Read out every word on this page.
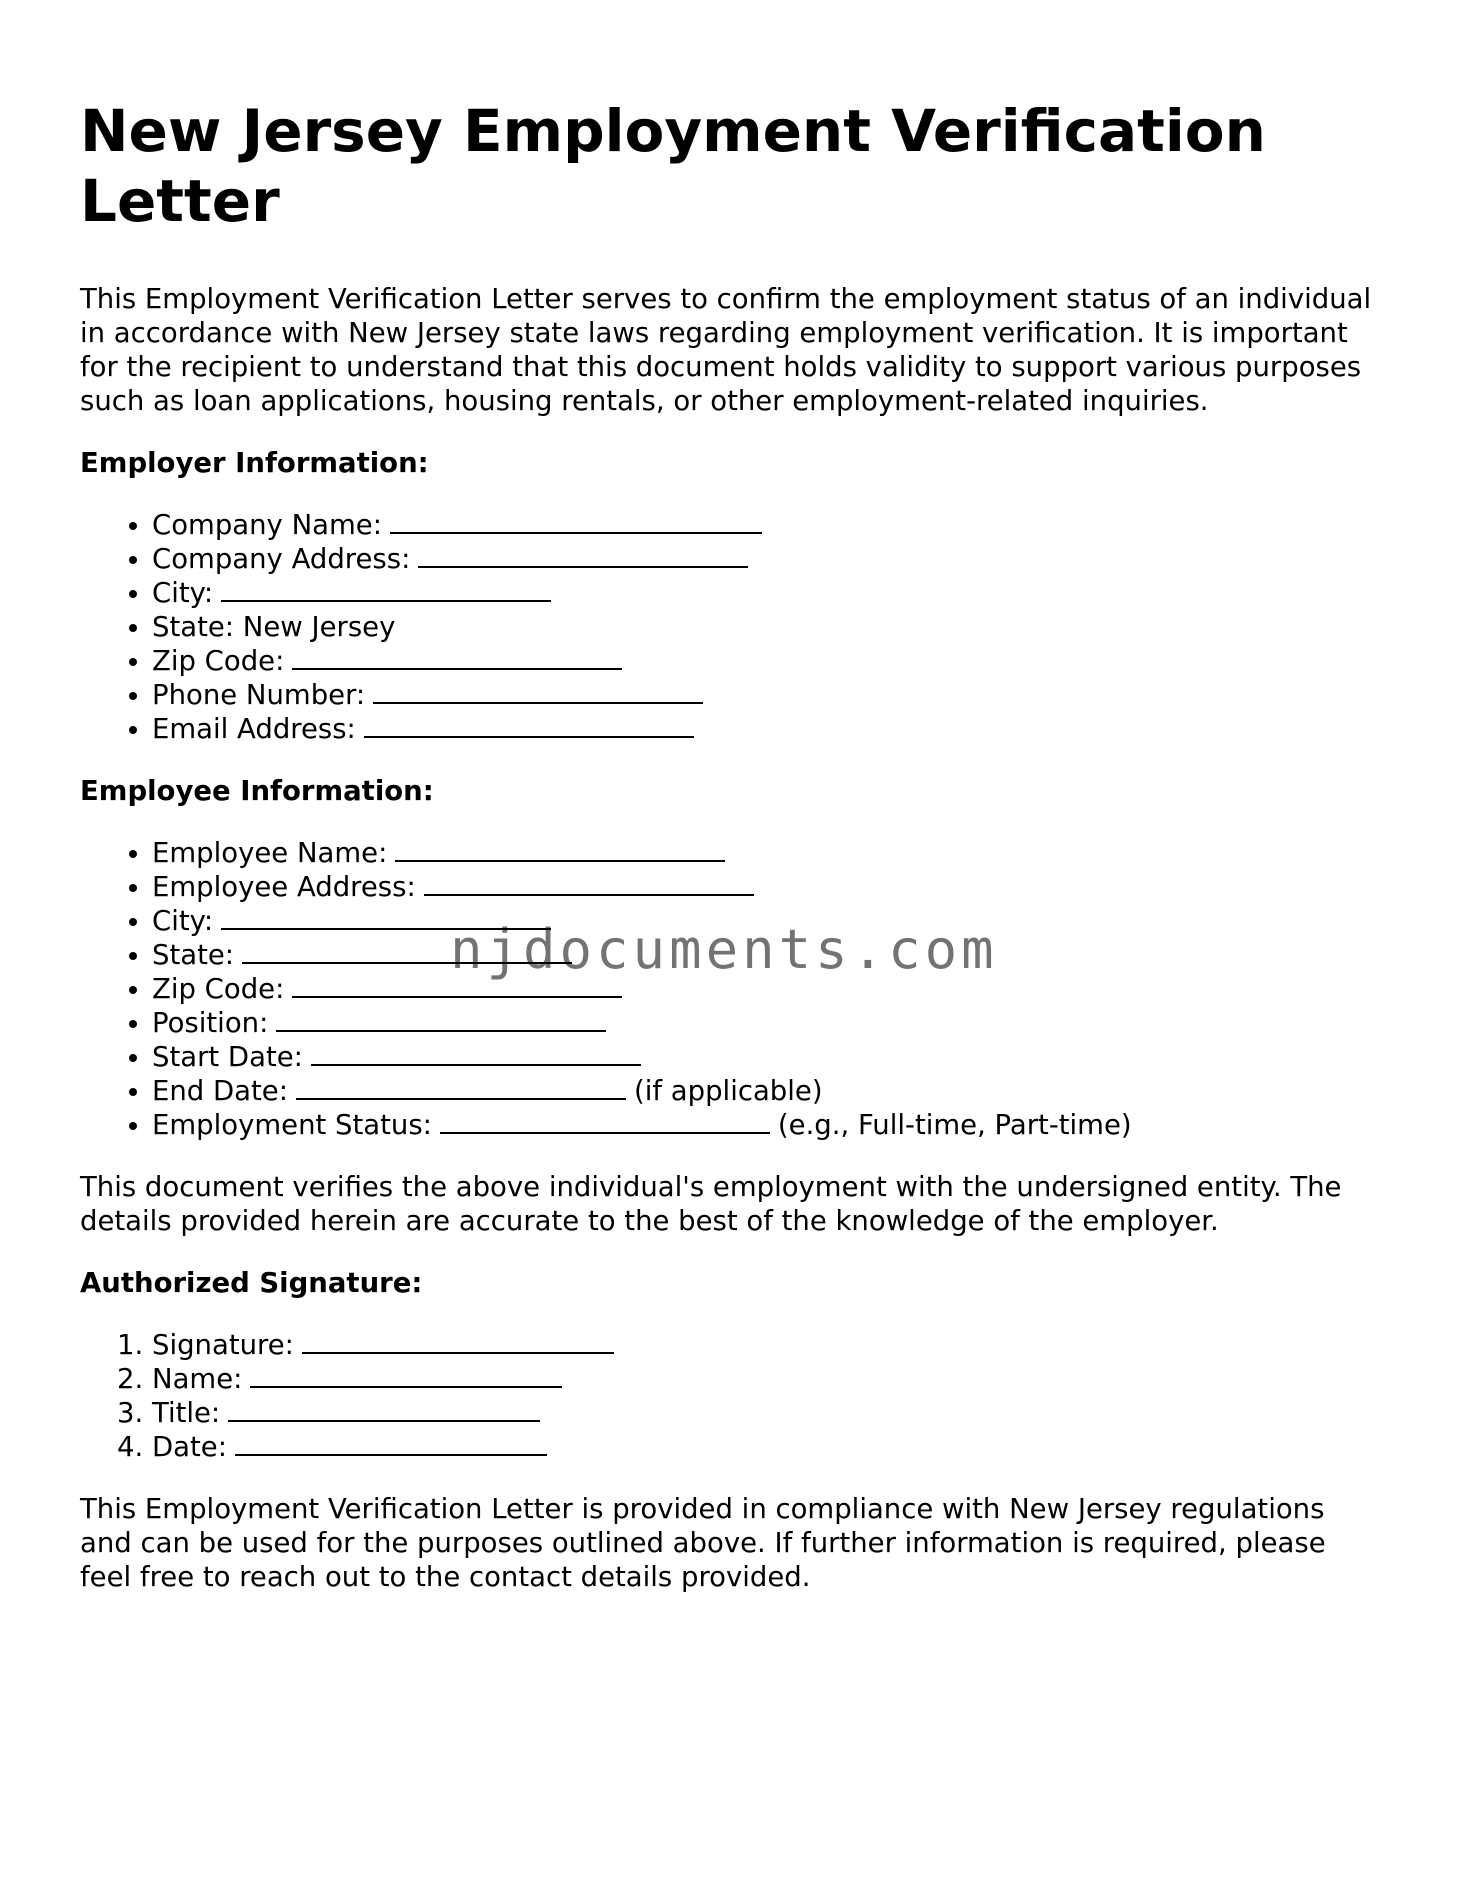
New Jersey Employment Verification Letter

This Employment Verification Letter serves to confirm the employment status of an individual in accordance with New Jersey state laws regarding employment verification. It is important for the recipient to understand that this document holds validity to support various purposes such as loan applications, housing rentals, or other employment-related inquiries.

Employer Information:
• Company Name:
• Company Address:
• City:
• State: New Jersey
• Zip Code:
• Phone Number:
• Email Address:
Employee Information:
• Employee Name:
• Employee Address:
• City:
• State:
• Zip Code:
• Position:
• Start Date:
• End Date:	(if applicable)
• Employment Status:	(e.g., Full-time, Part-time)

This document verifies the above individual's employment with the undersigned entity. The details provided herein are accurate to the best of the knowledge of the employer.

Authorized Signature:
1. Signature:
2. Name:
3. Title:
4. Date:

This Employment Verification Letter is provided in compliance with New Jersey regulations and can be used for the purposes outlined above. If further information is required, please feel free to reach out to the contact details provided.

njdocuments.com
